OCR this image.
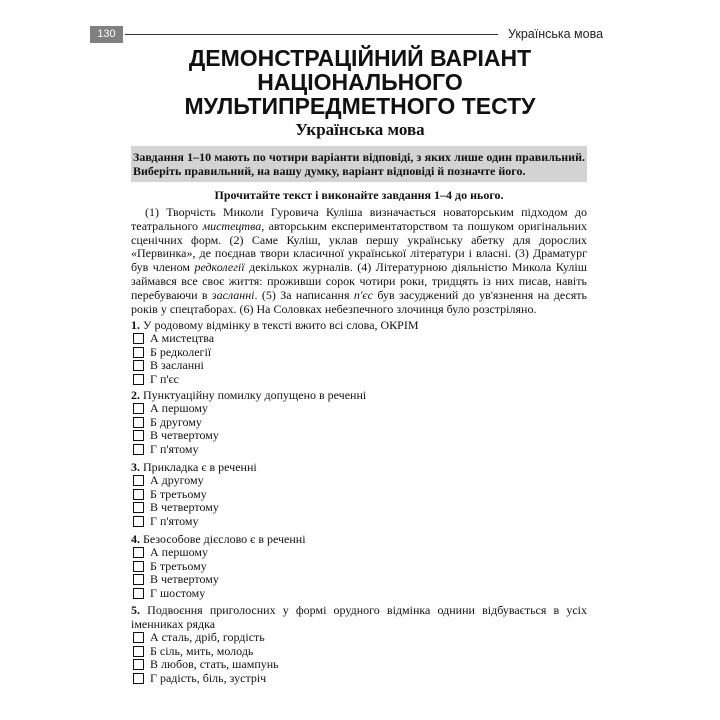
130	Українська мова
ДЕМОНСТРАЦІЙНИЙ ВАРІАНТ
НАЦІОНАЛЬНОГО
МУЛЬТИПРЕДМЕТНОГО ТЕСТУ
Українська мова
Завдання 1–10 мають по чотири варіанти відповіді, з яких лише один правильний. Виберіть правильний, на вашу думку, варіант відповіді й позначте його.
Прочитайте текст і виконайте завдання 1–4 до нього.

(1) Творчість Миколи Гуровича Куліша визначається новаторським підходом до театрального мистецтва, авторським експериментаторством та пошуком оригінальних сценічних форм. (2) Саме Куліш, уклав першу українську абетку для дорослих «Первинка», де поєднав твори класичної української літератури і власні. (3) Драматург був членом редколегії декількох журналів. (4) Літературною діяльністю Микола Куліш займався все своє життя: проживши сорок чотири роки, тридцять із них писав, навіть перебуваючи в засланні. (5) За написання п'єс був засуджений до ув'язнення на десять років у спецтаборах. (6) На Соловках небезпечного злочинця було розстріляно.

1. У родовому відмінку в тексті вжито всі слова, ОКРІМ

А мистецтва
Б редколегії
В засланні
Г п'єс

2. Пунктуаційну помилку допущено в реченні

А першому
Б другому
В четвертому
Г п'ятому

3. Прикладка є в реченні

А другому
Б третьому
В четвертому
Г п'ятому

4. Безособове дієслово є в реченні

А першому
Б третьому
В четвертому
Г шостому

5. Подвоєння приголосних у формі орудного відмінка однини відбувається в усіх іменниках рядка

А сталь, дріб, гордість
Б сіль, мить, молодь
В любов, стать, шампунь
Г радість, біль, зустріч
